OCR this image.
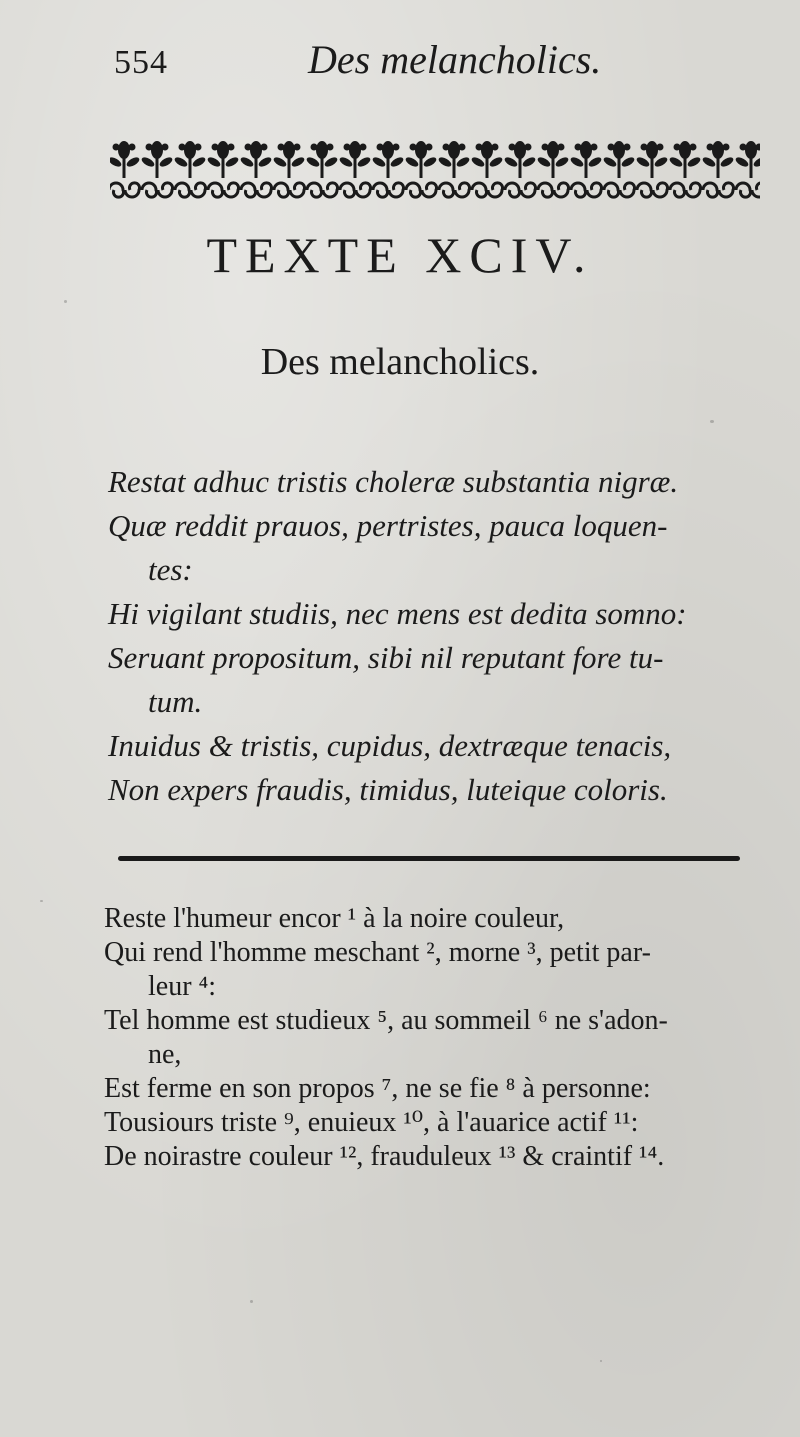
554	Des melancholics.
TEXTE XCIV.
Des melancholics.
Restat adhuc tristis choleræ substantia nigræ.
Quæ reddit prauos, pertristes, pauca loquen-
tes:
Hi vigilant studiis, nec mens est dedita somno:
Seruant propositum, sibi nil reputant fore tu-
tum.
Inuidus & tristis, cupidus, dextræque tenacis,
Non expers fraudis, timidus, luteique coloris.
Reste l'humeur encor ¹ à la noire couleur,
Qui rend l'homme meschant ², morne ³, petit par-
leur ⁴:
Tel homme est studieux ⁵, au sommeil ⁶ ne s'adon-
ne,
Est ferme en son propos ⁷, ne se fie ⁸ à personne:
Tousiours triste ⁹, enuieux ¹⁰, à l'auarice actif ¹¹:
De noirastre couleur ¹², frauduleux ¹³ & craintif ¹⁴.
